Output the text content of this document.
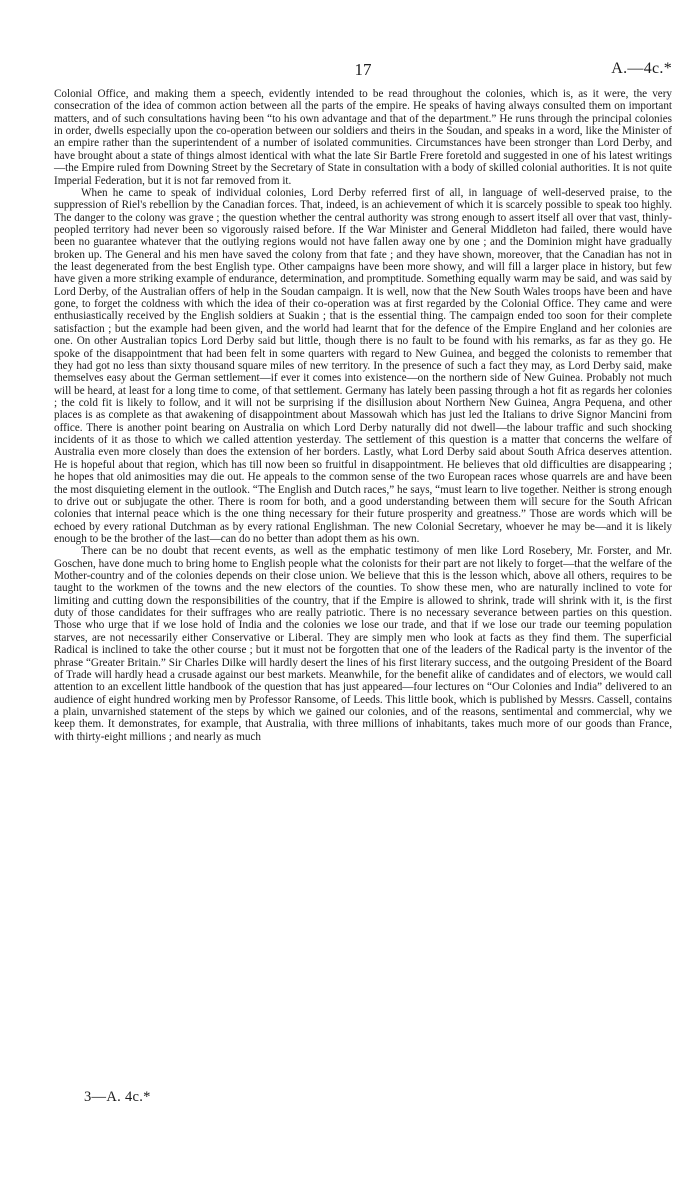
17	A.—4c.*

Colonial Office, and making them a speech, evidently intended to be read throughout the colonies, which is, as it were, the very consecration of the idea of common action between all the parts of the empire. He speaks of having always consulted them on important matters, and of such consultations having been “to his own advantage and that of the department.” He runs through the principal colonies in order, dwells especially upon the co-operation between our soldiers and theirs in the Soudan, and speaks in a word, like the Minister of an empire rather than the superintendent of a number of isolated communities. Circumstances have been stronger than Lord Derby, and have brought about a state of things almost identical with what the late Sir Bartle Frere foretold and suggested in one of his latest writings—the Empire ruled from Downing Street by the Secretary of State in consultation with a body of skilled colonial authorities. It is not quite Imperial Federation, but it is not far removed from it.

When he came to speak of individual colonies, Lord Derby referred first of all, in language of well-deserved praise, to the suppression of Riel's rebellion by the Canadian forces. That, indeed, is an achievement of which it is scarcely possible to speak too highly. The danger to the colony was grave ; the question whether the central authority was strong enough to assert itself all over that vast, thinly-peopled territory had never been so vigorously raised before. If the War Minister and General Middleton had failed, there would have been no guarantee whatever that the outlying regions would not have fallen away one by one ; and the Dominion might have gradually broken up. The General and his men have saved the colony from that fate ; and they have shown, moreover, that the Canadian has not in the least degenerated from the best English type. Other campaigns have been more showy, and will fill a larger place in history, but few have given a more striking example of endurance, determination, and promptitude. Something equally warm may be said, and was said by Lord Derby, of the Australian offers of help in the Soudan campaign. It is well, now that the New South Wales troops have been and have gone, to forget the coldness with which the idea of their co-operation was at first regarded by the Colonial Office. They came and were enthusiastically received by the English soldiers at Suakin ; that is the essential thing. The campaign ended too soon for their complete satisfaction ; but the example had been given, and the world had learnt that for the defence of the Empire England and her colonies are one. On other Australian topics Lord Derby said but little, though there is no fault to be found with his remarks, as far as they go. He spoke of the disappointment that had been felt in some quarters with regard to New Guinea, and begged the colonists to remember that they had got no less than sixty thousand square miles of new territory. In the presence of such a fact they may, as Lord Derby said, make themselves easy about the German settlement—if ever it comes into existence—on the northern side of New Guinea. Probably not much will be heard, at least for a long time to come, of that settlement. Germany has lately been passing through a hot fit as regards her colonies ; the cold fit is likely to follow, and it will not be surprising if the disillusion about Northern New Guinea, Angra Pequena, and other places is as complete as that awakening of disappointment about Massowah which has just led the Italians to drive Signor Mancini from office. There is another point bearing on Australia on which Lord Derby naturally did not dwell—the labour traffic and such shocking incidents of it as those to which we called attention yesterday. The settlement of this question is a matter that concerns the welfare of Australia even more closely than does the extension of her borders. Lastly, what Lord Derby said about South Africa deserves attention. He is hopeful about that region, which has till now been so fruitful in disappointment. He believes that old difficulties are disappearing ; he hopes that old animosities may die out. He appeals to the common sense of the two European races whose quarrels are and have been the most disquieting element in the outlook. “The English and Dutch races,” he says, “must learn to live together. Neither is strong enough to drive out or subjugate the other. There is room for both, and a good understanding between them will secure for the South African colonies that internal peace which is the one thing necessary for their future prosperity and greatness.” Those are words which will be echoed by every rational Dutchman as by every rational Englishman. The new Colonial Secretary, whoever he may be—and it is likely enough to be the brother of the last—can do no better than adopt them as his own.

There can be no doubt that recent events, as well as the emphatic testimony of men like Lord Rosebery, Mr. Forster, and Mr. Goschen, have done much to bring home to English people what the colonists for their part are not likely to forget—that the welfare of the Mother-country and of the colonies depends on their close union. We believe that this is the lesson which, above all others, requires to be taught to the workmen of the towns and the new electors of the counties. To show these men, who are naturally inclined to vote for limiting and cutting down the responsibilities of the country, that if the Empire is allowed to shrink, trade will shrink with it, is the first duty of those candidates for their suffrages who are really patriotic. There is no necessary severance between parties on this question. Those who urge that if we lose hold of India and the colonies we lose our trade, and that if we lose our trade our teeming population starves, are not necessarily either Conservative or Liberal. They are simply men who look at facts as they find them. The superficial Radical is inclined to take the other course ; but it must not be forgotten that one of the leaders of the Radical party is the inventor of the phrase “Greater Britain.” Sir Charles Dilke will hardly desert the lines of his first literary success, and the outgoing President of the Board of Trade will hardly head a crusade against our best markets. Meanwhile, for the benefit alike of candidates and of electors, we would call attention to an excellent little handbook of the question that has just appeared—four lectures on “Our Colonies and India” delivered to an audience of eight hundred working men by Professor Ransome, of Leeds. This little book, which is published by Messrs. Cassell, contains a plain, unvarnished statement of the steps by which we gained our colonies, and of the reasons, sentimental and commercial, why we keep them. It demonstrates, for example, that Australia, with three millions of inhabitants, takes much more of our goods than France, with thirty-eight millions ; and nearly as much

3—A. 4c.*
